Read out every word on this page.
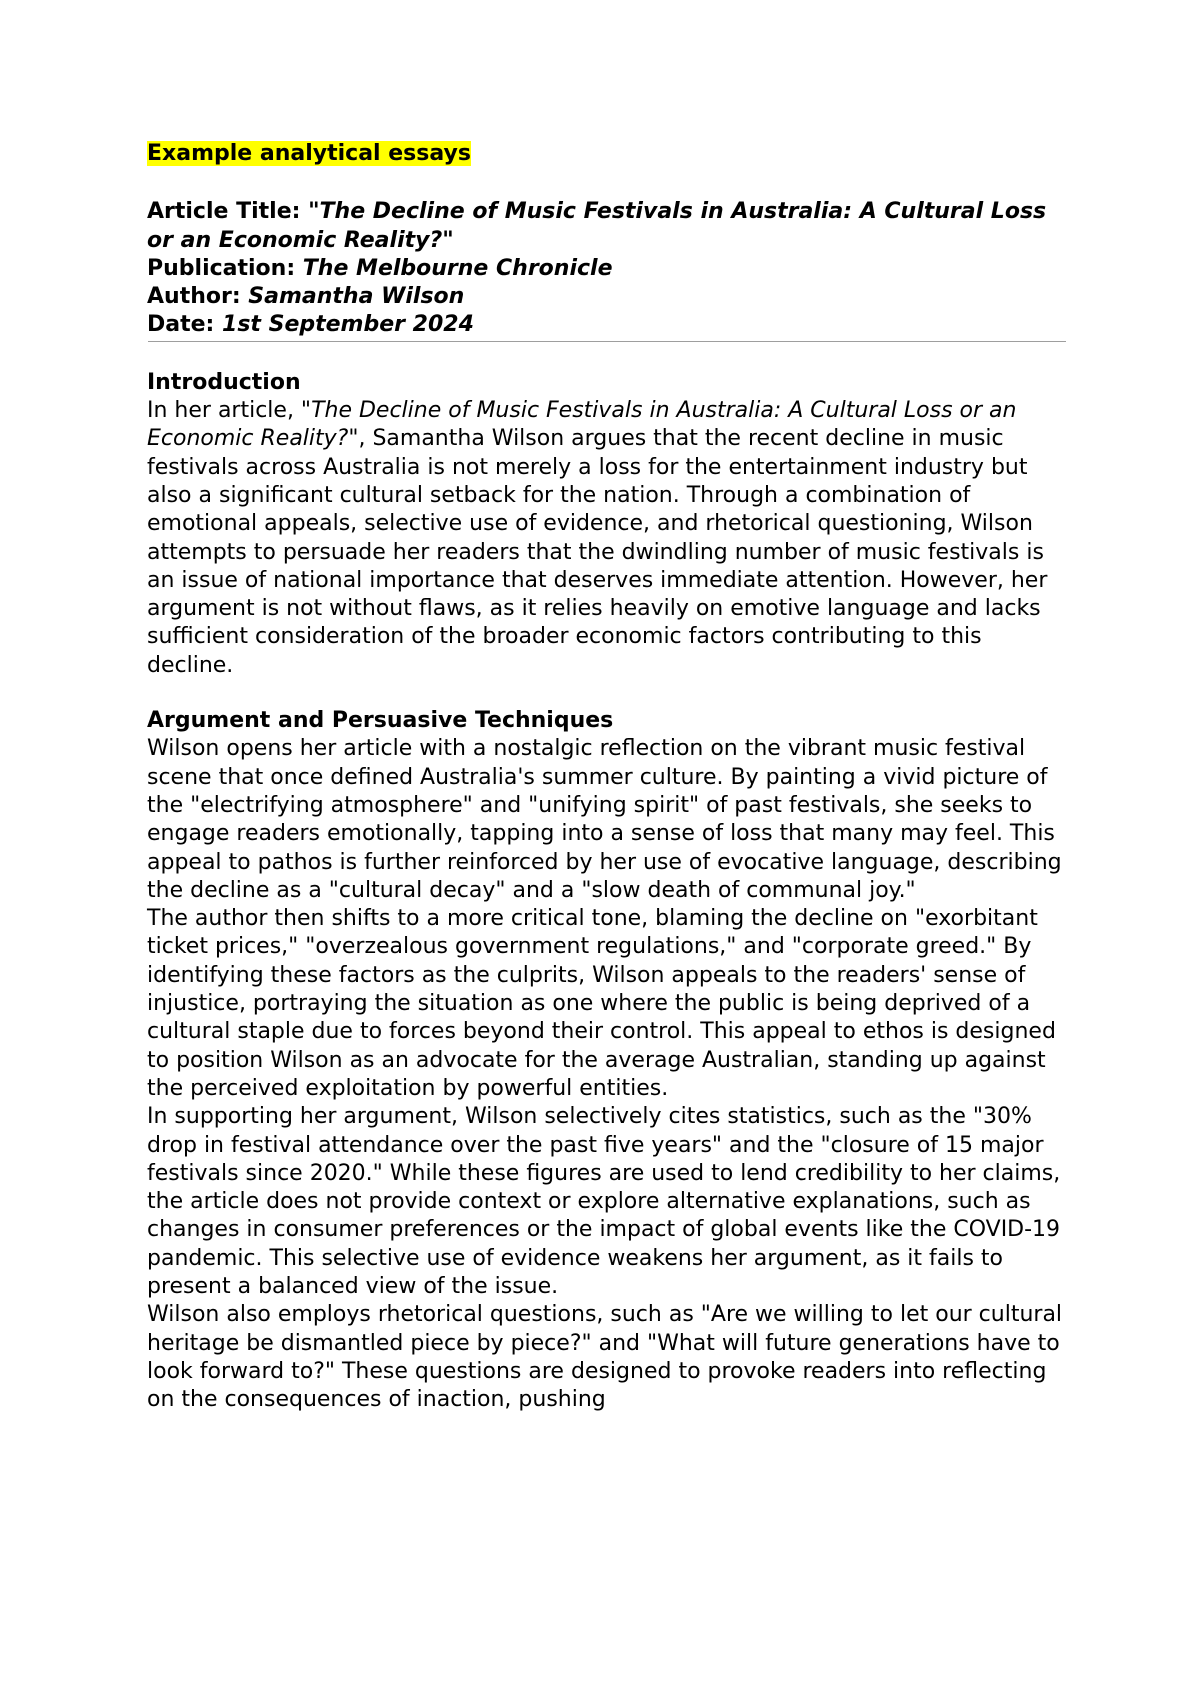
Example analytical essays

Article Title: "The Decline of Music Festivals in Australia: A Cultural Loss or an Economic Reality?"

Publication: The Melbourne Chronicle

Author: Samantha Wilson

Date: 1st September 2024

Introduction

In her article, "The Decline of Music Festivals in Australia: A Cultural Loss or an Economic Reality?", Samantha Wilson argues that the recent decline in music festivals across Australia is not merely a loss for the entertainment industry but also a significant cultural setback for the nation. Through a combination of emotional appeals, selective use of evidence, and rhetorical questioning, Wilson attempts to persuade her readers that the dwindling number of music festivals is an issue of national importance that deserves immediate attention. However, her argument is not without flaws, as it relies heavily on emotive language and lacks sufficient consideration of the broader economic factors contributing to this decline.

Argument and Persuasive Techniques

Wilson opens her article with a nostalgic reflection on the vibrant music festival scene that once defined Australia's summer culture. By painting a vivid picture of the "electrifying atmosphere" and "unifying spirit" of past festivals, she seeks to engage readers emotionally, tapping into a sense of loss that many may feel. This appeal to pathos is further reinforced by her use of evocative language, describing the decline as a "cultural decay" and a "slow death of communal joy."

The author then shifts to a more critical tone, blaming the decline on "exorbitant ticket prices," "overzealous government regulations," and "corporate greed." By identifying these factors as the culprits, Wilson appeals to the readers' sense of injustice, portraying the situation as one where the public is being deprived of a cultural staple due to forces beyond their control. This appeal to ethos is designed to position Wilson as an advocate for the average Australian, standing up against the perceived exploitation by powerful entities.

In supporting her argument, Wilson selectively cites statistics, such as the "30% drop in festival attendance over the past five years" and the "closure of 15 major festivals since 2020." While these figures are used to lend credibility to her claims, the article does not provide context or explore alternative explanations, such as changes in consumer preferences or the impact of global events like the COVID-19 pandemic. This selective use of evidence weakens her argument, as it fails to present a balanced view of the issue.

Wilson also employs rhetorical questions, such as "Are we willing to let our cultural heritage be dismantled piece by piece?" and "What will future generations have to look forward to?" These questions are designed to provoke readers into reflecting on the consequences of inaction, pushing
